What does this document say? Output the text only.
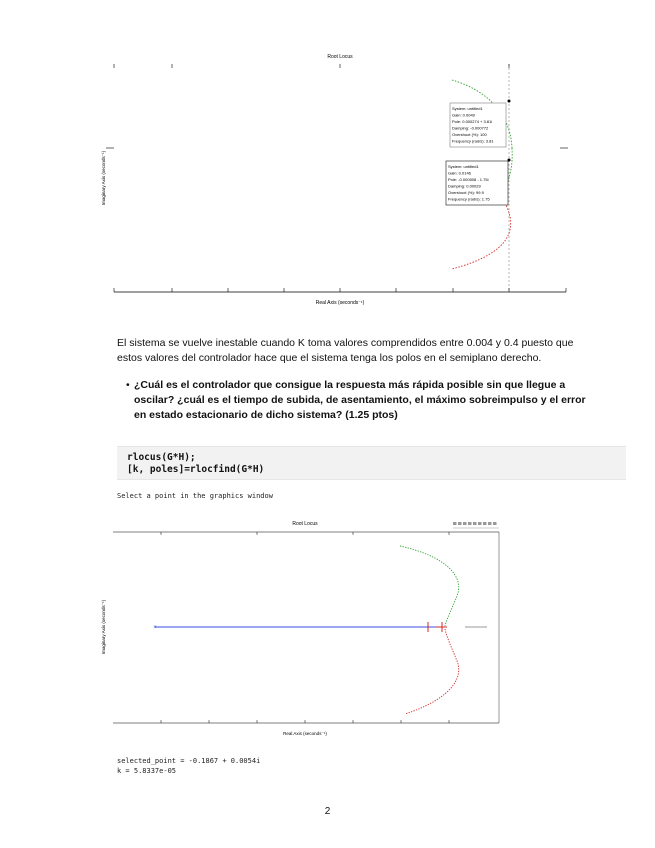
Root Locus
System: untitled1
Gain: 0.0049
Pole: 0.000274 + 3.81i
Damping: -0.000772
Overshoot (%): 100
Frequency (rad/s): 3.81
System: untitled1
Gain: 0.0146
Pole: -0.000508 - 1.75i
Damping: 0.00029
Overshoot (%): 99.9
Frequency (rad/s): 1.75
Imaginary Axis (seconds⁻¹)
Real Axis (seconds⁻¹)
El sistema se vuelve inestable cuando K toma valores comprendidos entre 0.004 y 0.4 puesto que estos valores del controlador hace que el sistema tenga los polos en el semiplano derecho.
• ¿Cuál es el controlador que consigue la respuesta más rápida posible sin que llegue a oscilar? ¿cuál es el tiempo de subida, de asentamiento, el máximo sobreimpulso y el error en estado estacionario de dicho sistema? (1.25 ptos)
rlocus(G*H);
[k, poles]=rlocfind(G*H)
Select a point in the graphics window
Root Locus
×
Imaginary Axis (seconds⁻¹)
Real Axis (seconds⁻¹)
selected_point = -0.1867 + 0.0054i
k = 5.8337e-05
2
